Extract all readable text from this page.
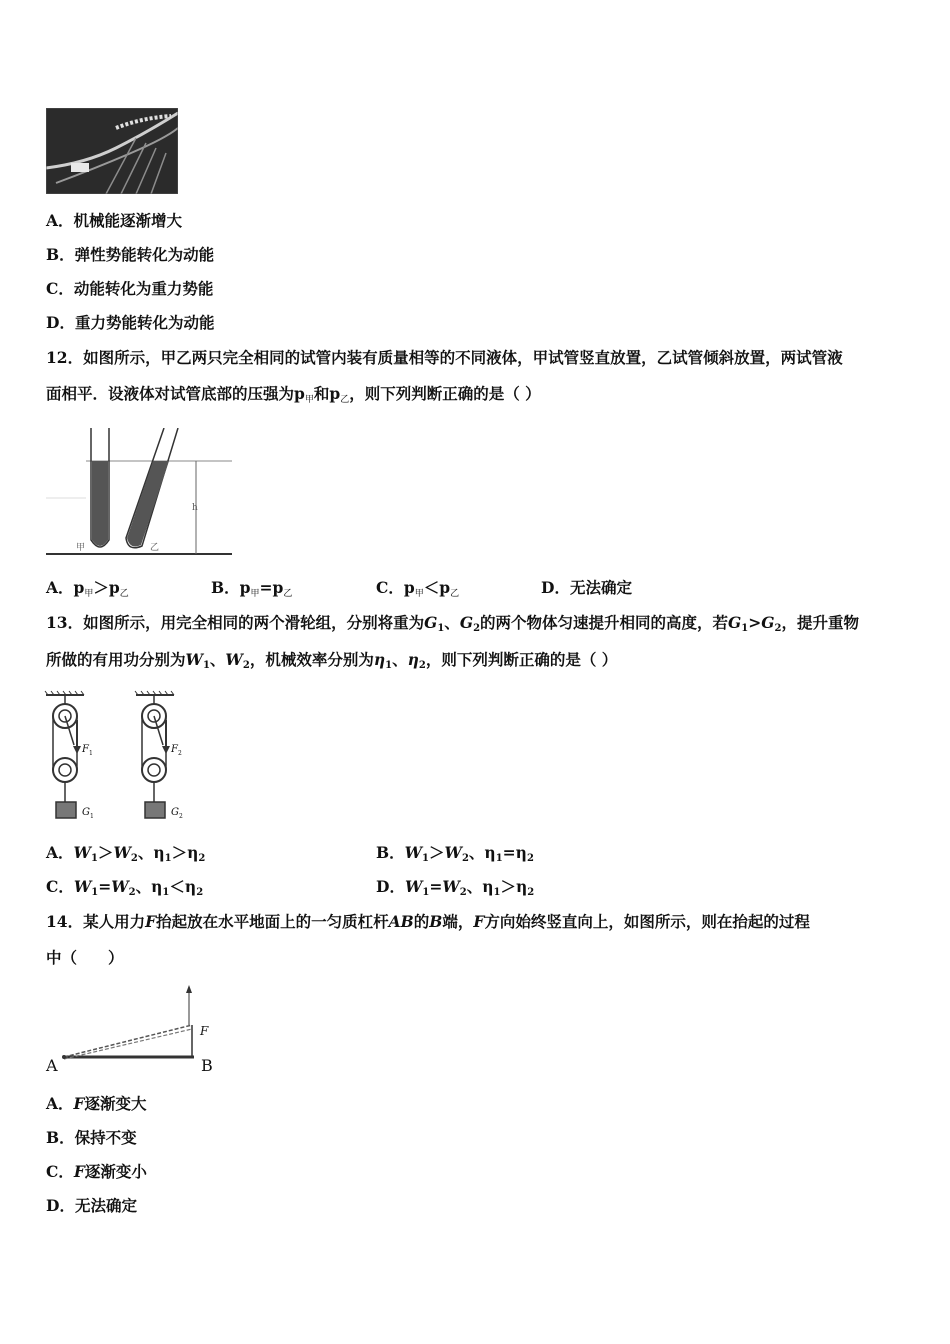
A．机械能逐渐增大
B．弹性势能转化为动能
C．动能转化为重力势能
D．重力势能转化为动能
12．如图所示，甲乙两只完全相同的试管内装有质量相等的不同液体，甲试管竖直放置，乙试管倾斜放置，两试管液
面相平．设液体对试管底部的压强为p甲和p乙，则下列判断正确的是（ ）
h
甲	乙
A．p甲＞p乙	B．p甲=p乙	C．p甲＜p乙	D．无法确定
13．如图所示，用完全相同的两个滑轮组，分别将重为$G_1$、$G_2$的两个物体匀速提升相同的高度，若$G_1>G_2$，提升重物
所做的有用功分别为$W_1$、$W_2$，机械效率分别为$\eta_1$、$\eta_2$，则下列判断正确的是（ ）
F 1
G 1
F 2
G 2
A．$W_1>W_2$、$\eta_1>\eta_2$	B．$W_1>W_2$、$\eta_1=\eta_2$
C．$W_1=W_2$、$\eta_1<\eta_2$	D．$W_1=W_2$、$\eta_1>\eta_2$
14．某人用力F抬起放在水平地面上的一匀质杠杆AB的B端，F方向始终竖直向上，如图所示，则在抬起的过程
中（　　）
A	B
F
A．F逐渐变大
B．保持不变
C．F逐渐变小
D．无法确定
